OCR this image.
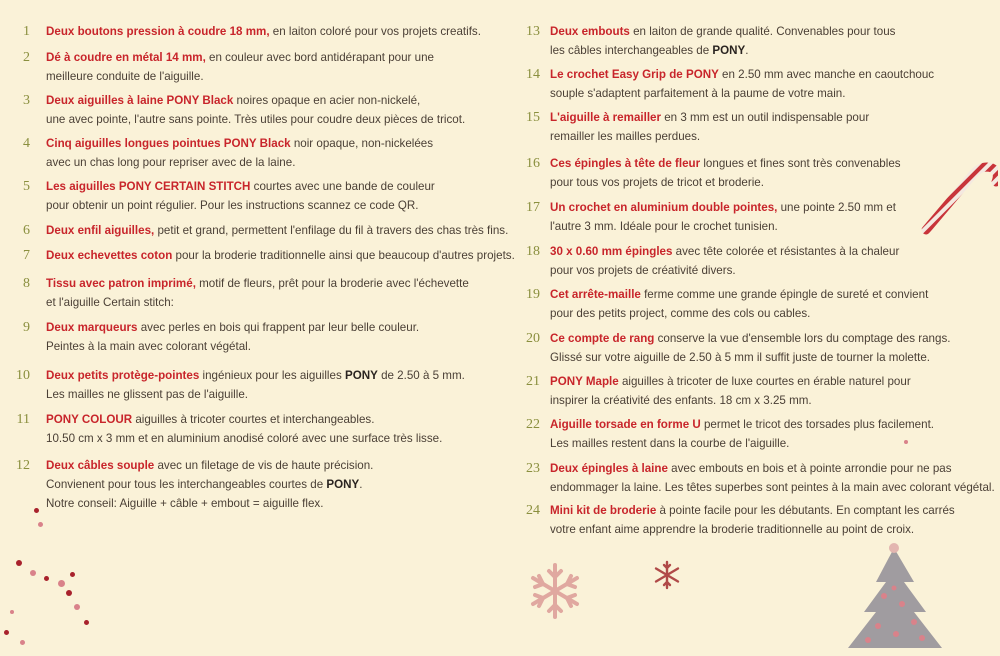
1 Deux boutons pression à coudre 18 mm, en laiton coloré pour vos projets creatifs.
2 Dé à coudre en métal 14 mm, en couleur avec bord antidérapant pour une
meilleure conduite de l'aiguille.
3 Deux aiguilles à laine PONY Black noires opaque en acier non-nickelé,
une avec pointe, l'autre sans pointe. Très utiles pour coudre deux pièces de tricot.
4 Cinq aiguilles longues pointues PONY Black noir opaque, non-nickelées
avec un chas long pour repriser avec de la laine.
5 Les aiguilles PONY CERTAIN STITCH courtes avec une bande de couleur
pour obtenir un point régulier. Pour les instructions scannez ce code QR.
6 Deux enfil aiguilles, petit et grand, permettent l'enfilage du fil à travers des chas très fins.
7 Deux echevettes coton pour la broderie traditionnelle ainsi que beaucoup d'autres projets.
8 Tissu avec patron imprimé, motif de fleurs, prêt pour la broderie avec l'échevette
et l'aiguille Certain stitch:
9 Deux marqueurs avec perles en bois qui frappent par leur belle couleur.
Peintes à la main avec colorant végétal.
10 Deux petits protège-pointes ingénieux pour les aiguilles PONY de 2.50 à 5 mm.
Les mailles ne glissent pas de l'aiguille.
11 PONY COLOUR aiguilles à tricoter courtes et interchangeables.
10.50 cm x 3 mm et en aluminium anodisé coloré avec une surface très lisse.
12 Deux câbles souple avec un filetage de vis de haute précision.
Convienent pour tous les interchangeables courtes de PONY.
Notre conseil: Aiguille + câble + embout = aiguille flex.
13 Deux embouts en laiton de grande qualité. Convenables pour tous
les câbles interchangeables de PONY.
14 Le crochet Easy Grip de PONY en 2.50 mm avec manche en caoutchouc
souple s'adaptent parfaitement à la paume de votre main.
15 L'aiguille à remailler en 3 mm est un outil indispensable pour
remailler les mailles perdues.
16 Ces épingles à tête de fleur longues et fines sont très convenables
pour tous vos projets de tricot et broderie.
17 Un crochet en aluminium double pointes, une pointe 2.50 mm et
l'autre 3 mm. Idéale pour le crochet tunisien.
18 30 x 0.60 mm épingles avec tête colorée et résistantes à la chaleur
pour vos projets de créativité divers.
19 Cet arrête-maille ferme comme une grande épingle de sureté et convient
pour des petits project, comme des cols ou cables.
20 Ce compte de rang conserve la vue d'ensemble lors du comptage des rangs.
Glissé sur votre aiguille de 2.50 à 5 mm il suffit juste de tourner la molette.
21 PONY Maple aiguilles à tricoter de luxe courtes en érable naturel pour
inspirer la créativité des enfants. 18 cm x 3.25 mm.
22 Aiguille torsade en forme U permet le tricot des torsades plus facilement.
Les mailles restent dans la courbe de l'aiguille.
23 Deux épingles à laine avec embouts en bois et à pointe arrondie pour ne pas
endommager la laine. Les têtes superbes sont peintes à la main avec colorant végétal.
24 Mini kit de broderie à pointe facile pour les débutants. En comptant les carrés
votre enfant aime apprendre la broderie traditionnelle au point de croix.
